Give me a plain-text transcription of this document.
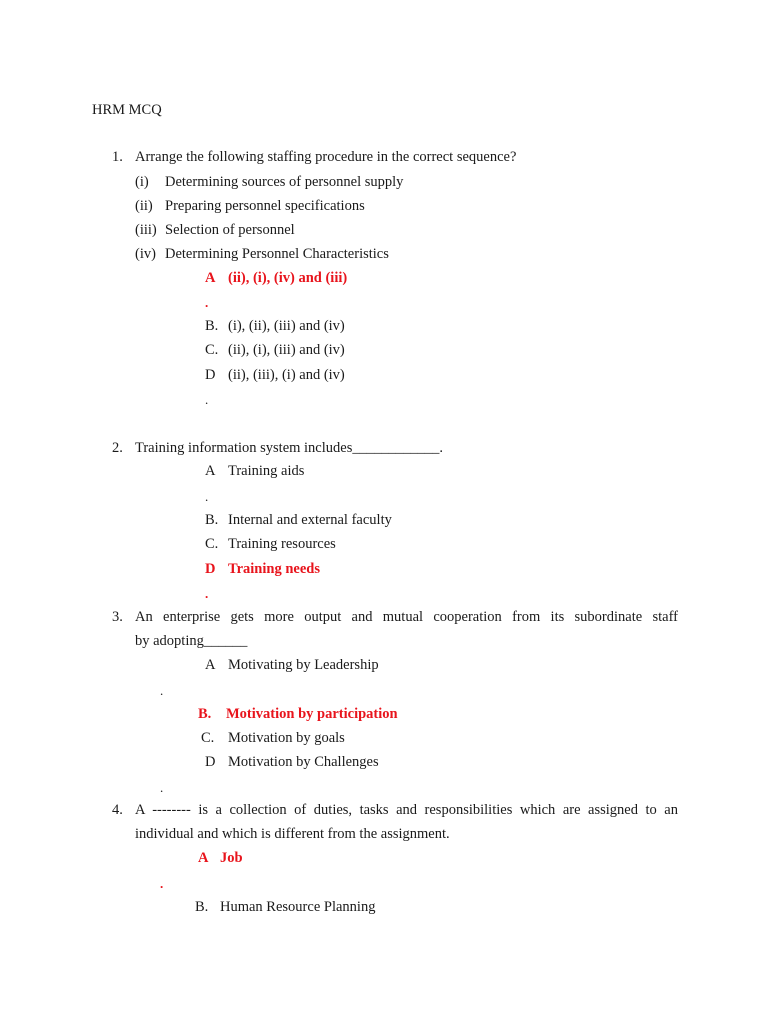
HRM MCQ
1. Arrange the following staffing procedure in the correct sequence?
(i) Determining sources of personnel supply
(ii) Preparing personnel specifications
(iii) Selection of personnel
(iv) Determining Personnel Characteristics
A (ii), (i), (iv) and (iii)
.
B. (i), (ii), (iii) and (iv)
C. (ii), (i), (iii) and (iv)
D (ii), (iii), (i) and (iv)
.
2. Training information system includes____________.
A Training aids
.
B. Internal and external faculty
C. Training resources
D Training needs
.
3. An enterprise gets more output and mutual cooperation from its subordinate staff
by adopting______
A Motivating by Leadership
.
B. Motivation by participation
C. Motivation by goals
D Motivation by Challenges
.
4. A -------- is a collection of duties, tasks and responsibilities which are assigned to an
individual and which is different from the assignment.
A Job
.
B. Human Resource Planning
